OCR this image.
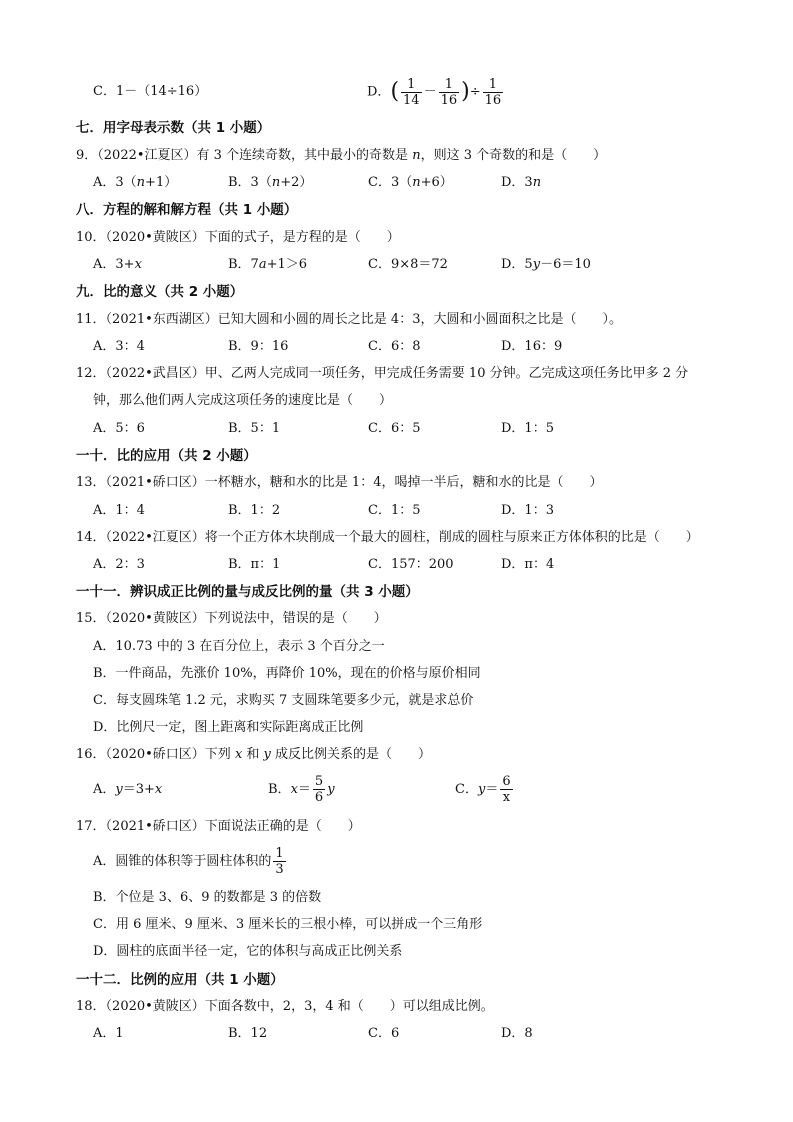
C．1－（14÷16）	D．( $\frac{1}{14} - \frac{1}{16}$ )÷ $\frac{1}{16}$
七．用字母表示数（共 1 小题）
9．（2022•江夏区）有 3 个连续奇数，其中最小的奇数是 n，则这 3 个奇数的和是（　　）
A．3（n+1）	B．3（n+2）	C．3（n+6）	D．3n
八．方程的解和解方程（共 1 小题）
10．（2020•黄陂区）下面的式子，是方程的是（　　）
A．3+x	B．7a+1＞6	C．9×8＝72	D．5y－6＝10
九．比的意义（共 2 小题）
11．（2021•东西湖区）已知大圆和小圆的周长之比是 4：3，大圆和小圆面积之比是（　　）。
A．3：4	B．9：16	C．6：8	D．16：9
12．（2022•武昌区）甲、乙两人完成同一项任务，甲完成任务需要 10 分钟。乙完成这项任务比甲多 2 分
钟，那么他们两人完成这项任务的速度比是（　　）
A．5：6	B．5：1	C．6：5	D．1：5
一十．比的应用（共 2 小题）
13．（2021•硚口区）一杯糖水，糖和水的比是 1：4，喝掉一半后，糖和水的比是（　　）
A．1：4	B．1：2	C．1：5	D．1：3
14．（2022•江夏区）将一个正方体木块削成一个最大的圆柱，削成的圆柱与原来正方体体积的比是（　　）
A．2：3	B．π：1	C．157：200	D．π：4
一十一．辨识成正比例的量与成反比例的量（共 3 小题）
15．（2020•黄陂区）下列说法中，错误的是（　　）
A．10.73 中的 3 在百分位上，表示 3 个百分之一
B．一件商品，先涨价 10%，再降价 10%，现在的价格与原价相同
C．每支圆珠笔 1.2 元，求购买 7 支圆珠笔要多少元，就是求总价
D．比例尺一定，图上距离和实际距离成正比例
16．（2020•硚口区）下列 x 和 y 成反比例关系的是（　　）
A．y＝3+x	B．$x= \frac{5}{6}$ y	C．$y= \frac{6}{x}$
17．（2021•硚口区）下面说法正确的是（　　）
A．圆锥的体积等于圆柱体积的 $\frac{1}{3}$
B．个位是 3、6、9 的数都是 3 的倍数
C．用 6 厘米、9 厘米、3 厘米长的三根小棒，可以拼成一个三角形
D．圆柱的底面半径一定，它的体积与高成正比例关系
一十二．比例的应用（共 1 小题）
18．（2020•黄陂区）下面各数中，2，3，4 和（　　）可以组成比例。
A．1	B．12	C．6	D．8
